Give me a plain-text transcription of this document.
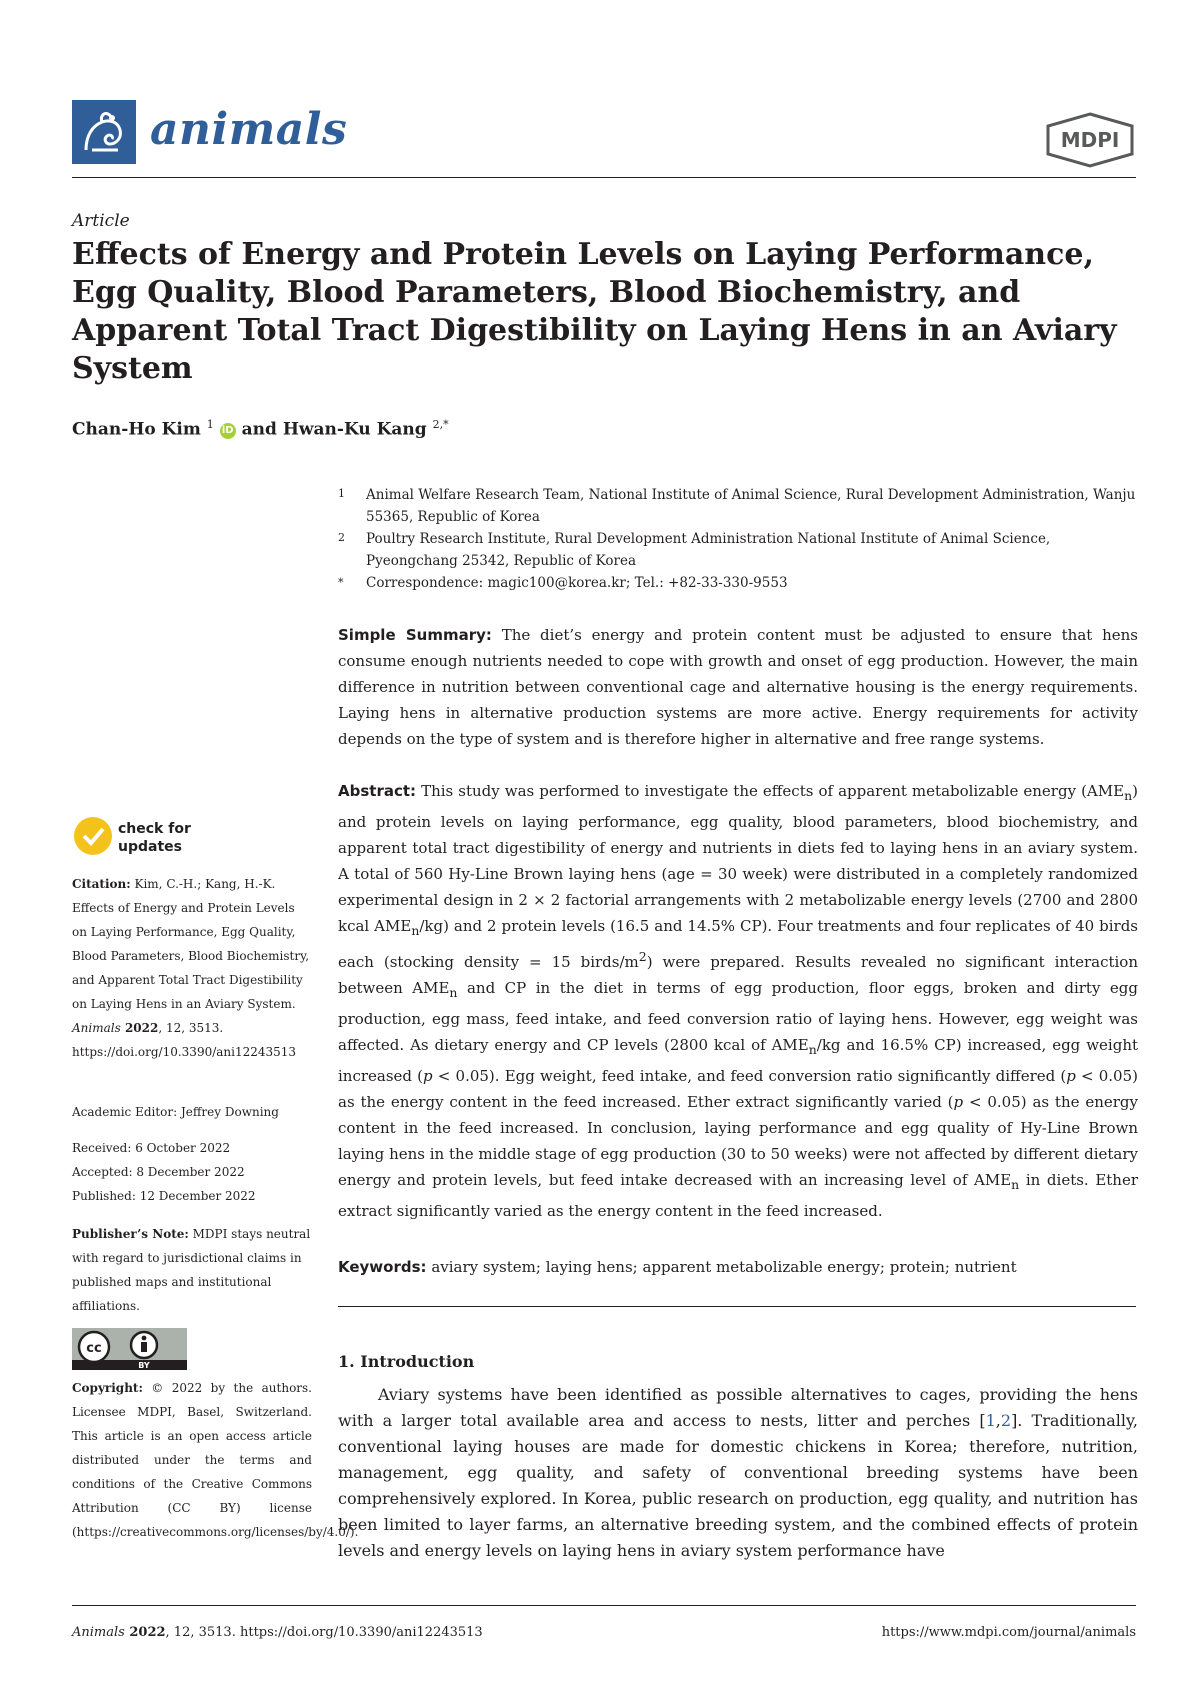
animals	MDPI
Article
Effects of Energy and Protein Levels on Laying Performance, Egg Quality, Blood Parameters, Blood Biochemistry, and Apparent Total Tract Digestibility on Laying Hens in an Aviary System
Chan-Ho Kim $^1$ iD and Hwan-Ku Kang $^{2,*}$
1 Animal Welfare Research Team, National Institute of Animal Science, Rural Development Administration, Wanju 55365, Republic of Korea
2 Poultry Research Institute, Rural Development Administration National Institute of Animal Science, Pyeongchang 25342, Republic of Korea
* Correspondence: magic100@korea.kr; Tel.: +82-33-330-9553
Simple Summary: The diet’s energy and protein content must be adjusted to ensure that hens consume enough nutrients needed to cope with growth and onset of egg production. However, the main difference in nutrition between conventional cage and alternative housing is the energy requirements. Laying hens in alternative production systems are more active. Energy requirements for activity depends on the type of system and is therefore higher in alternative and free range systems.
Abstract: This study was performed to investigate the effects of apparent metabolizable energy $(AME_n)$ and protein levels on laying performance, egg quality, blood parameters, blood biochemistry, and apparent total tract digestibility of energy and nutrients in diets fed to laying hens in an aviary system. A total of 560 Hy-Line Brown laying hens (age = 30 week) were distributed in a completely randomized experimental design in 2 × 2 factorial arrangements with 2 metabolizable energy levels (2700 and 2800 kcal $AME_n/kg$) and 2 protein levels (16.5 and 14.5% CP). Four treatments and four replicates of 40 birds each (stocking density = 15 birds/$m^2$) were prepared. Results revealed no significant interaction between $AME_n$ and CP in the diet in terms of egg production, floor eggs, broken and dirty egg production, egg mass, feed intake, and feed conversion ratio of laying hens. However, egg weight was affected. As dietary energy and CP levels (2800 kcal of $AME_n/kg$ and 16.5% CP) increased, egg weight increased (p < 0.05). Egg weight, feed intake, and feed conversion ratio significantly differed (p < 0.05) as the energy content in the feed increased. Ether extract significantly varied (p < 0.05) as the energy content in the feed increased. In conclusion, laying performance and egg quality of Hy-Line Brown laying hens in the middle stage of egg production (30 to 50 weeks) were not affected by different dietary energy and protein levels, but feed intake decreased with an increasing level of $AME_n$ in diets. Ether extract significantly varied as the energy content in the feed increased.
Keywords: aviary system; laying hens; apparent metabolizable energy; protein; nutrient
1. Introduction
Aviary systems have been identified as possible alternatives to cages, providing the hens with a larger total available area and access to nests, litter and perches [1,2]. Traditionally, conventional laying houses are made for domestic chickens in Korea; therefore, nutrition, management, egg quality, and safety of conventional breeding systems have been comprehensively explored. In Korea, public research on production, egg quality, and nutrition has been limited to layer farms, an alternative breeding system, and the combined effects of protein levels and energy levels on laying hens in aviary system performance have
check for
updates
Citation: Kim, C.-H.; Kang, H.-K. Effects of Energy and Protein Levels on Laying Performance, Egg Quality, Blood Parameters, Blood Biochemistry, and Apparent Total Tract Digestibility on Laying Hens in an Aviary System. Animals 2022, 12, 3513. https://doi.org/10.3390/ani12243513
Academic Editor: Jeffrey Downing
Received: 6 October 2022
Accepted: 8 December 2022
Published: 12 December 2022
Publisher’s Note: MDPI stays neutral with regard to jurisdictional claims in published maps and institutional affiliations.
cc
BY
Copyright: © 2022 by the authors. Licensee MDPI, Basel, Switzerland. This article is an open access article distributed under the terms and conditions of the Creative Commons Attribution (CC BY) license (https://creativecommons.org/licenses/by/4.0/).
Animals 2022, 12, 3513. https://doi.org/10.3390/ani12243513	https://www.mdpi.com/journal/animals
